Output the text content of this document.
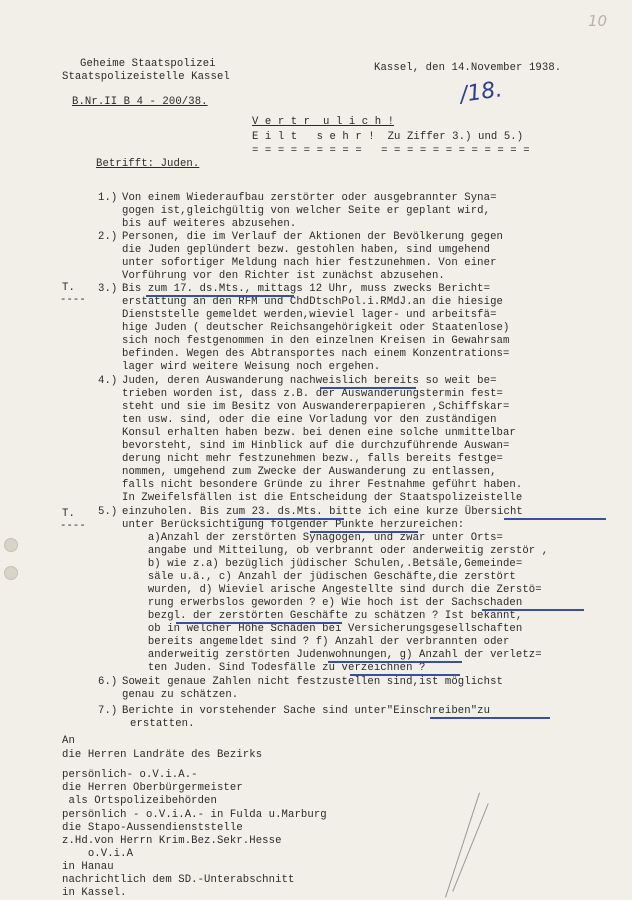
10
Geheime Staatspolizei
Staatspolizeistelle Kassel
Kassel, den 14.November 1938.
B.Nr.II B 4 - 200/38.	/18.
V e r t r  u l i c h !
E i l t   s e h r !  Zu Ziffer 3.) und 5.)
= = = = = = = = =   = = = = = = = = = = = =
Betrifft: Juden.
T.
----
T.
----
1.) Von einem Wiederaufbau zerstörter oder ausgebrannter Syna=
gogen ist,gleichgültig von welcher Seite er geplant wird,
bis auf weiteres abzusehen.
2.) Personen, die im Verlauf der Aktionen der Bevölkerung gegen
die Juden geplündert bezw. gestohlen haben, sind umgehend
unter sofortiger Meldung nach hier festzunehmen. Von einer
Vorführung vor den Richter ist zunächst abzusehen.
3.) Bis zum 17. ds.Mts., mittags 12 Uhr, muss zwecks Bericht=
erstattung an den RFM und ChdDtschPol.i.RMdJ.an die hiesige
Dienststelle gemeldet werden,wieviel lager- und arbeitsfä=
hige Juden ( deutscher Reichsangehörigkeit oder Staatenlose)
sich noch festgenommen in den einzelnen Kreisen in Gewahrsam
befinden. Wegen des Abtransportes nach einem Konzentrations=
lager wird weitere Weisung noch ergehen.
4.) Juden, deren Auswanderung nachweislich bereits so weit be=
trieben worden ist, dass z.B. der Auswanderungstermin fest=
steht und sie im Besitz von Auswandererpapieren ,Schiffskar=
ten usw. sind, oder die eine Vorladung vor den zuständigen
Konsul erhalten haben bezw. bei denen eine solche unmittelbar
bevorsteht, sind im Hinblick auf die durchzuführende Auswan=
derung nicht mehr festzunehmen bezw., falls bereits festge=
nommen, umgehend zum Zwecke der Auswanderung zu entlassen,
falls nicht besondere Gründe zu ihrer Festnahme geführt haben.
In Zweifelsfällen ist die Entscheidung der Staatspolizeistelle
einzuholen.
5.)	Bis zum 23. ds.Mts. bitte ich eine kurze Übersicht
unter Berücksichtigung folgender Punkte herzureichen:
a)Anzahl der zerstörten Synagogen, und zwar unter Orts=
angabe und Mitteilung, ob verbrannt oder anderweitig zerstör ,
b) wie z.a) bezüglich jüdischer Schulen,.Betsäle,Gemeinde=
säle u.ä., c) Anzahl der jüdischen Geschäfte,die zerstört
wurden, d) Wieviel arische Angestellte sind durch die Zerstö=
rung erwerbslos geworden ? e) Wie hoch ist der Sachschaden
bezgl. der zerstörten Geschäfte zu schätzen ? Ist bekannt,
ob in welcher Höhe Schäden bei Versicherungsgesellschaften
bereits angemeldet sind ? f) Anzahl der verbrannten oder
anderweitig zerstörten Judenwohnungen, g) Anzahl der verletz=
ten Juden. Sind Todesfälle zu verzeichnen ?
6.) Soweit genaue Zahlen nicht festzustellen sind,ist möglichst
genau zu schätzen.
7.) Berichte in vorstehender Sache sind unter"Einschreiben"zu
erstatten.
An
die Herren Landräte des Bezirks
persönlich- o.V.i.A.-
die Herren Oberbürgermeister
als Ortspolizeibehörden
persönlich - o.V.i.A.- in Fulda u.Marburg
die Stapo-Aussendienststelle
z.Hd.von Herrn Krim.Bez.Sekr.Hesse
o.V.i.A
in Hanau
nachrichtlich dem SD.-Unterabschnitt
in Kassel.
